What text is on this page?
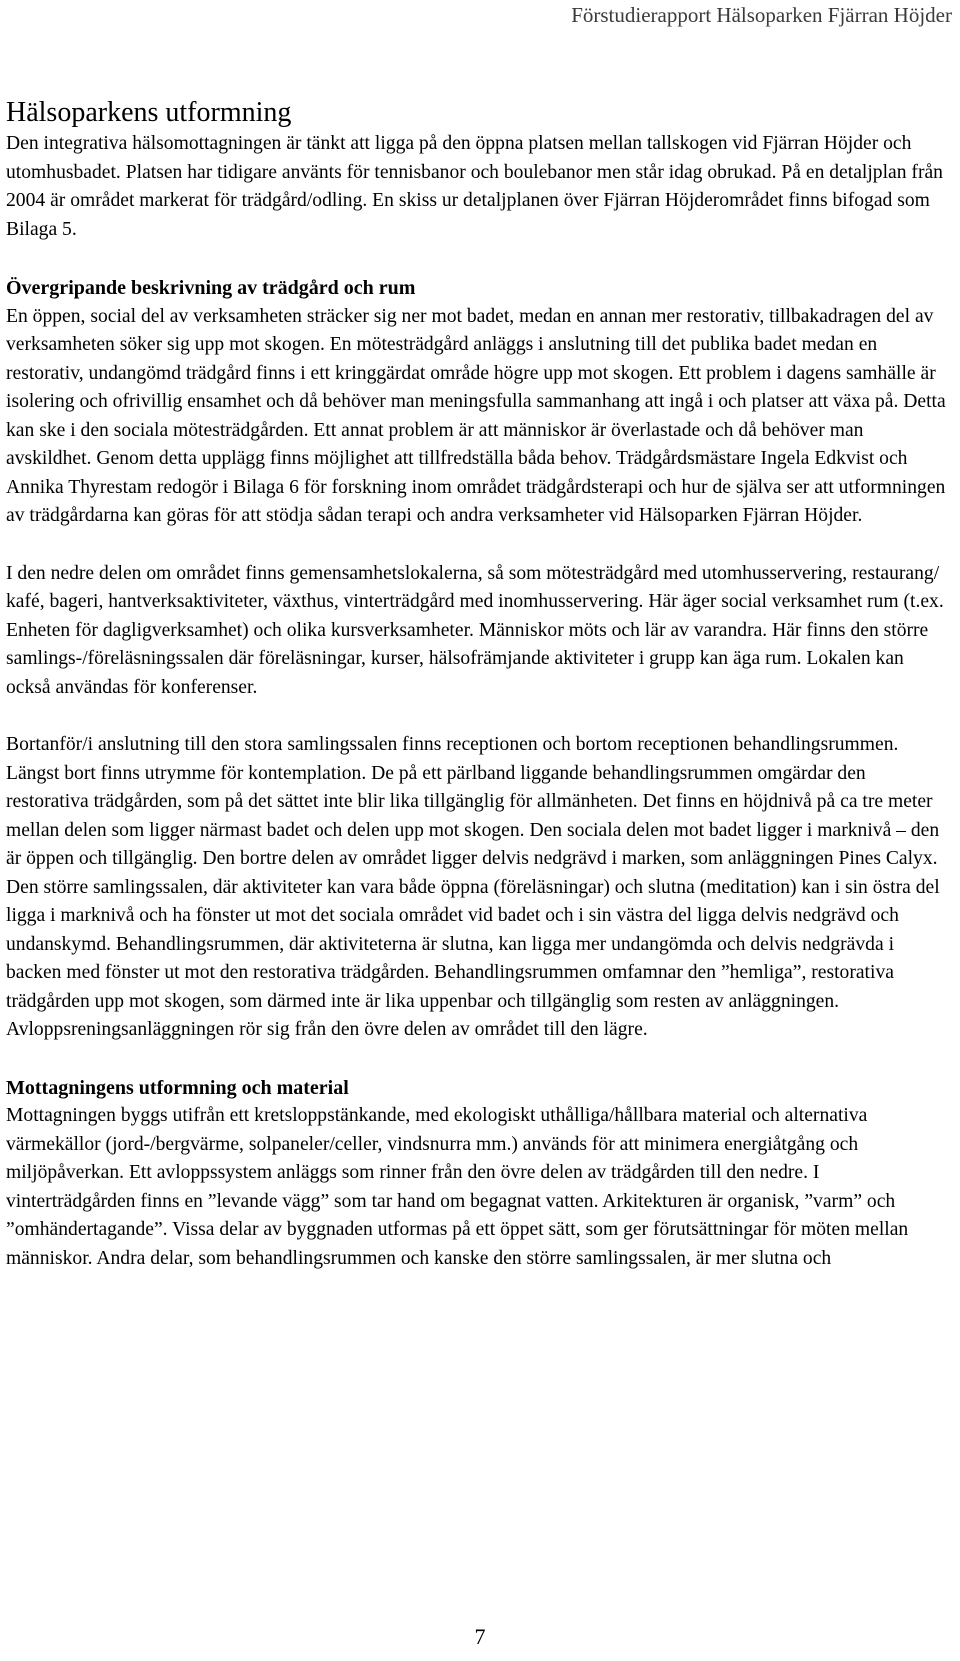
Förstudierapport Hälsoparken Fjärran Höjder
Hälsoparkens utformning

Den integrativa hälsomottagningen är tänkt att ligga på den öppna platsen mellan tallskogen vid Fjärran Höjder och utomhusbadet. Platsen har tidigare använts för tennisbanor och boulebanor men står idag obrukad. På en detaljplan från 2004 är området markerat för trädgård/odling. En skiss ur detaljplanen över Fjärran Höjderområdet finns bifogad som Bilaga 5.

Övergripande beskrivning av trädgård och rum

En öppen, social del av verksamheten sträcker sig ner mot badet, medan en annan mer restorativ, tillbakadragen del av verksamheten söker sig upp mot skogen. En mötesträdgård anläggs i anslutning till det publika badet medan en restorativ, undangömd trädgård finns i ett kringgärdat område högre upp mot skogen. Ett problem i dagens samhälle är isolering och ofrivillig ensamhet och då behöver man meningsfulla sammanhang att ingå i och platser att växa på. Detta kan ske i den sociala mötesträdgården. Ett annat problem är att människor är överlastade och då behöver man avskildhet. Genom detta upplägg finns möjlighet att tillfredställa båda behov. Trädgårdsmästare Ingela Edkvist och Annika Thyrestam redogör i Bilaga 6 för forskning inom området trädgårdsterapi och hur de själva ser att utformningen av trädgårdarna kan göras för att stödja sådan terapi och andra verksamheter vid Hälsoparken Fjärran Höjder.

I den nedre delen om området finns gemensamhetslokalerna, så som mötesträdgård med utomhusservering, restaurang/ kafé, bageri, hantverksaktiviteter, växthus, vinterträdgård med inomhusservering. Här äger social verksamhet rum (t.ex. Enheten för dagligverksamhet) och olika kursverksamheter. Människor möts och lär av varandra. Här finns den större samlings-/föreläsningssalen där föreläsningar, kurser, hälsofrämjande aktiviteter i grupp kan äga rum. Lokalen kan också användas för konferenser.

Bortanför/i anslutning till den stora samlingssalen finns receptionen och bortom receptionen behandlingsrummen. Längst bort finns utrymme för kontemplation. De på ett pärlband liggande behandlingsrummen omgärdar den restorativa trädgården, som på det sättet inte blir lika tillgänglig för allmänheten. Det finns en höjdnivå på ca tre meter mellan delen som ligger närmast badet och delen upp mot skogen. Den sociala delen mot badet ligger i marknivå – den är öppen och tillgänglig. Den bortre delen av området ligger delvis nedgrävd i marken, som anläggningen Pines Calyx. Den större samlingssalen, där aktiviteter kan vara både öppna (föreläsningar) och slutna (meditation) kan i sin östra del ligga i marknivå och ha fönster ut mot det sociala området vid badet och i sin västra del ligga delvis nedgrävd och undanskymd. Behandlingsrummen, där aktiviteterna är slutna, kan ligga mer undangömda och delvis nedgrävda i backen med fönster ut mot den restorativa trädgården. Behandlingsrummen omfamnar den ”hemliga”, restorativa trädgården upp mot skogen, som därmed inte är lika uppenbar och tillgänglig som resten av anläggningen. Avloppsreningsanläggningen rör sig från den övre delen av området till den lägre.

Mottagningens utformning och material

Mottagningen byggs utifrån ett kretsloppstänkande, med ekologiskt uthålliga/hållbara material och alternativa värmekällor (jord-/bergvärme, solpaneler/celler, vindsnurra mm.) används för att minimera energiåtgång och miljöpåverkan. Ett avloppssystem anläggs som rinner från den övre delen av trädgården till den nedre. I vinterträdgården finns en ”levande vägg” som tar hand om begagnat vatten. Arkitekturen är organisk, ”varm” och ”omhändertagande”. Vissa delar av byggnaden utformas på ett öppet sätt, som ger förutsättningar för möten mellan människor. Andra delar, som behandlingsrummen och kanske den större samlingssalen, är mer slutna och

7
